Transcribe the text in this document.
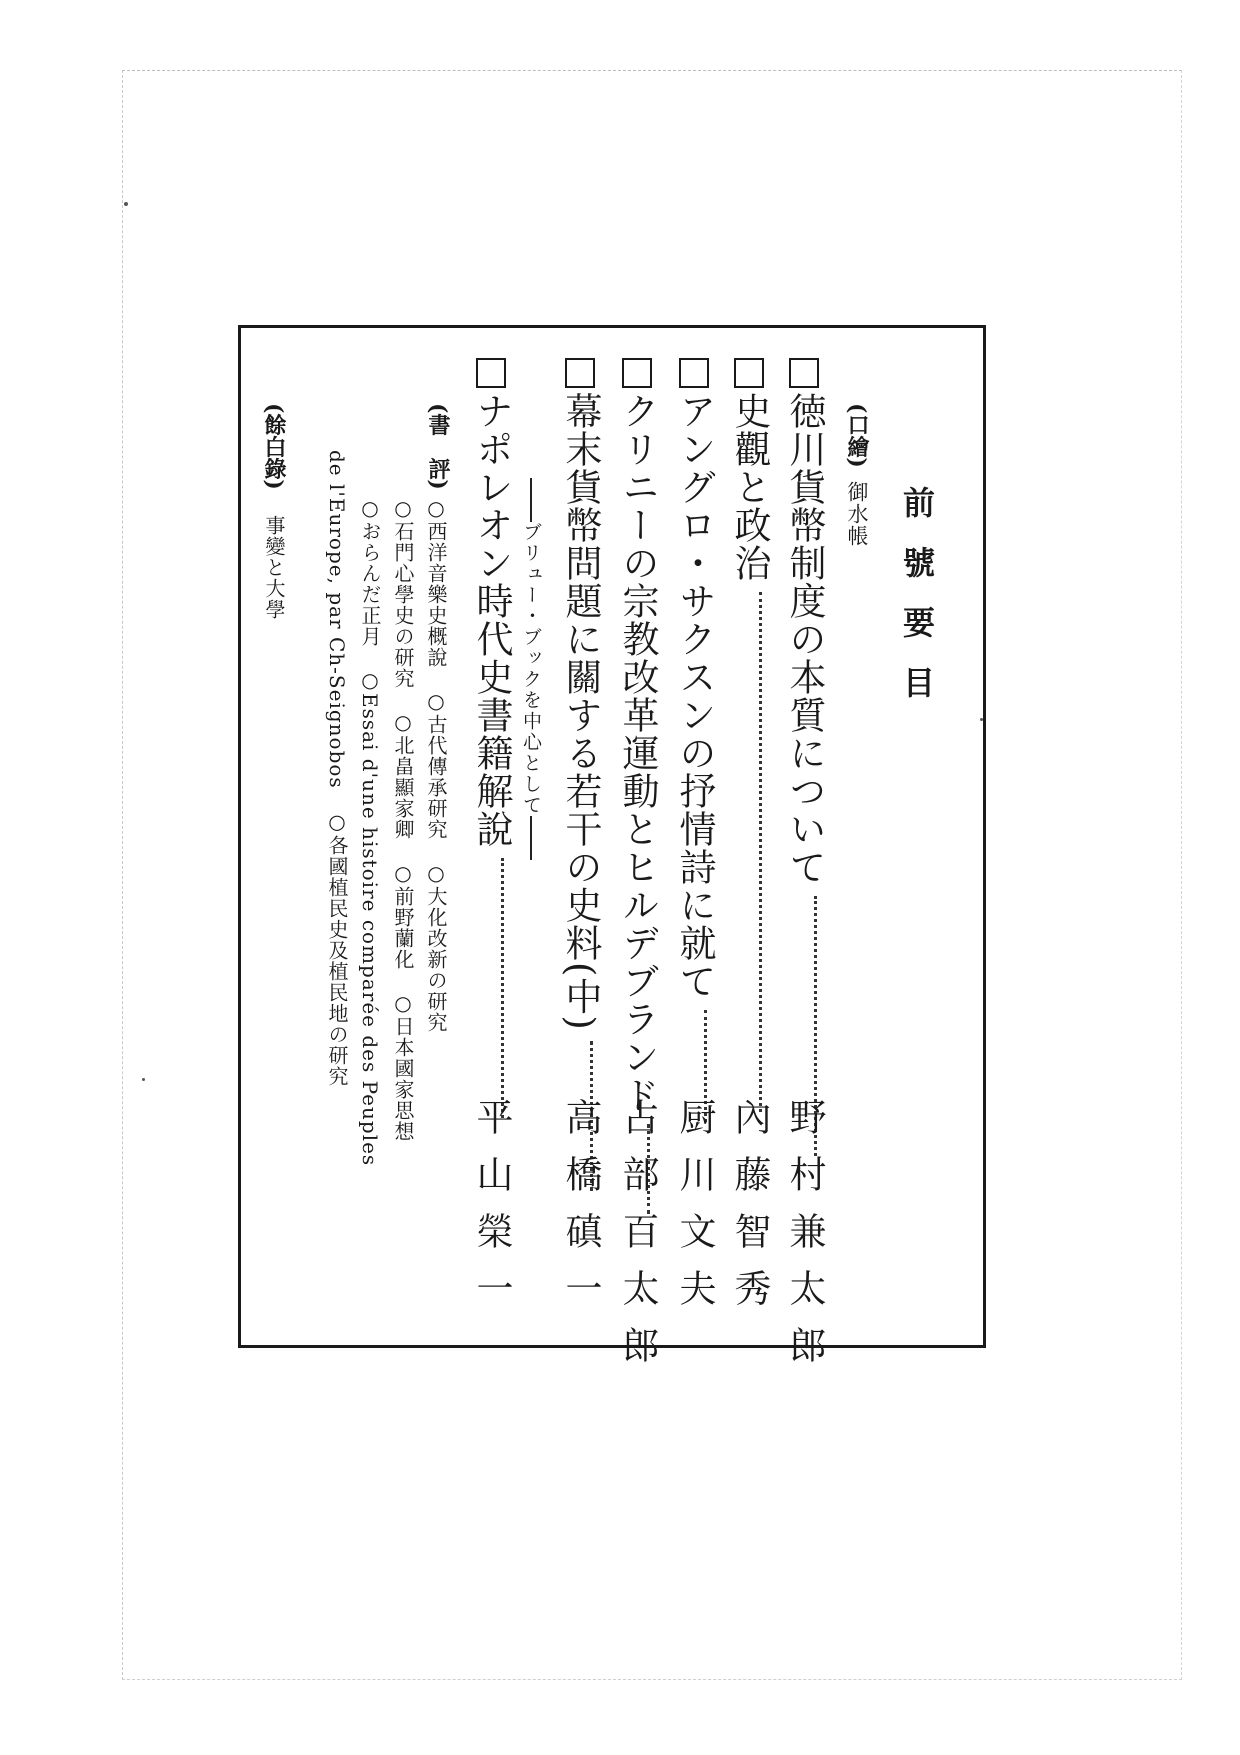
前號要目
(口繪) 御水帳
徳川貨幣制度の本質について
野村兼太郎
史觀と政治
內藤智秀
アングロ・サクスンの抒情詩に就て
厨川文夫
クリニーの宗教改革運動とヒルデブランド
占部百太郎
幕末貨幣問題に關する若干の史料(中)
高橋磌一
ブリュー・ブックを中心として
ナポレオン時代史書籍解說
平山榮一
(書　評)
○西洋音樂史概說　○古代傳承研究　○大化改新の研究
○石門心學史の研究　○北畠顯家卿　○前野蘭化　○日本國家思想
○おらんだ正月　○Essai d'une histoire comparée des Peuples
de l'Europe, par Ch-Seignobos　○各國植民史及植民地の研究
(餘白錄) 事變と大學
